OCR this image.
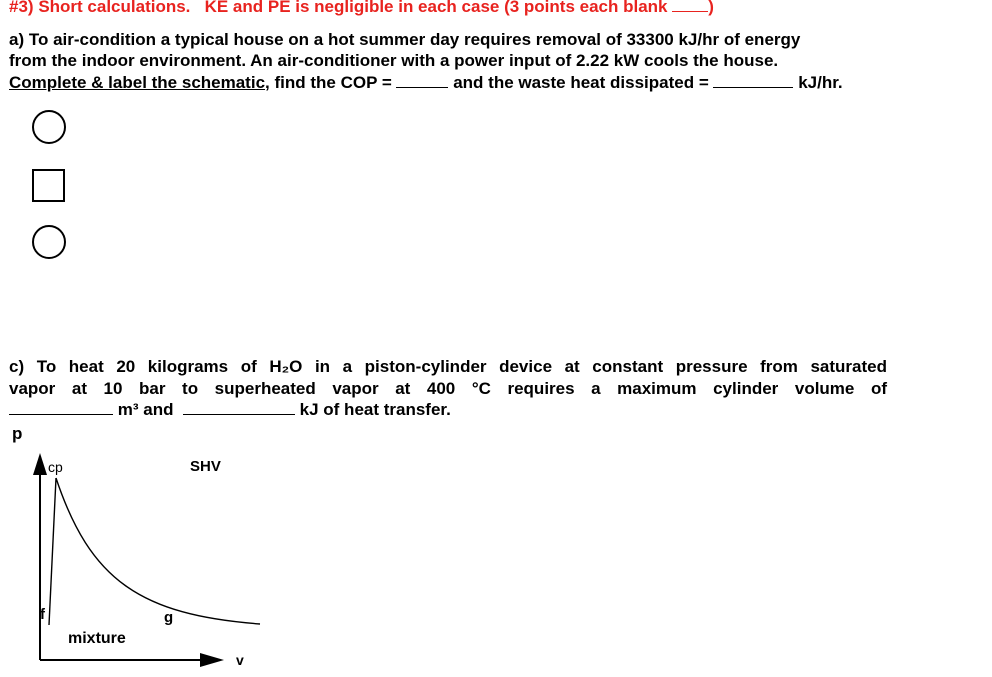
#3) Short calculations. KE and PE is negligible in each case (3 points each blank )
a) To air-condition a typical house on a hot summer day requires removal of 33300 kJ/hr of energy
from the indoor environment. An air-conditioner with a power input of 2.22 kW cools the house.
Complete & label the schematic, find the COP =	and the waste heat dissipated =	kJ/hr.
c) To heat 20 kilograms of H₂O in a piston-cylinder device at constant pressure from saturated
vapor at 10 bar to superheated vapor at 400 °C requires a maximum cylinder volume of
m³ and	kJ of heat transfer.
p
cp	SHV
f	g
mixture
v
